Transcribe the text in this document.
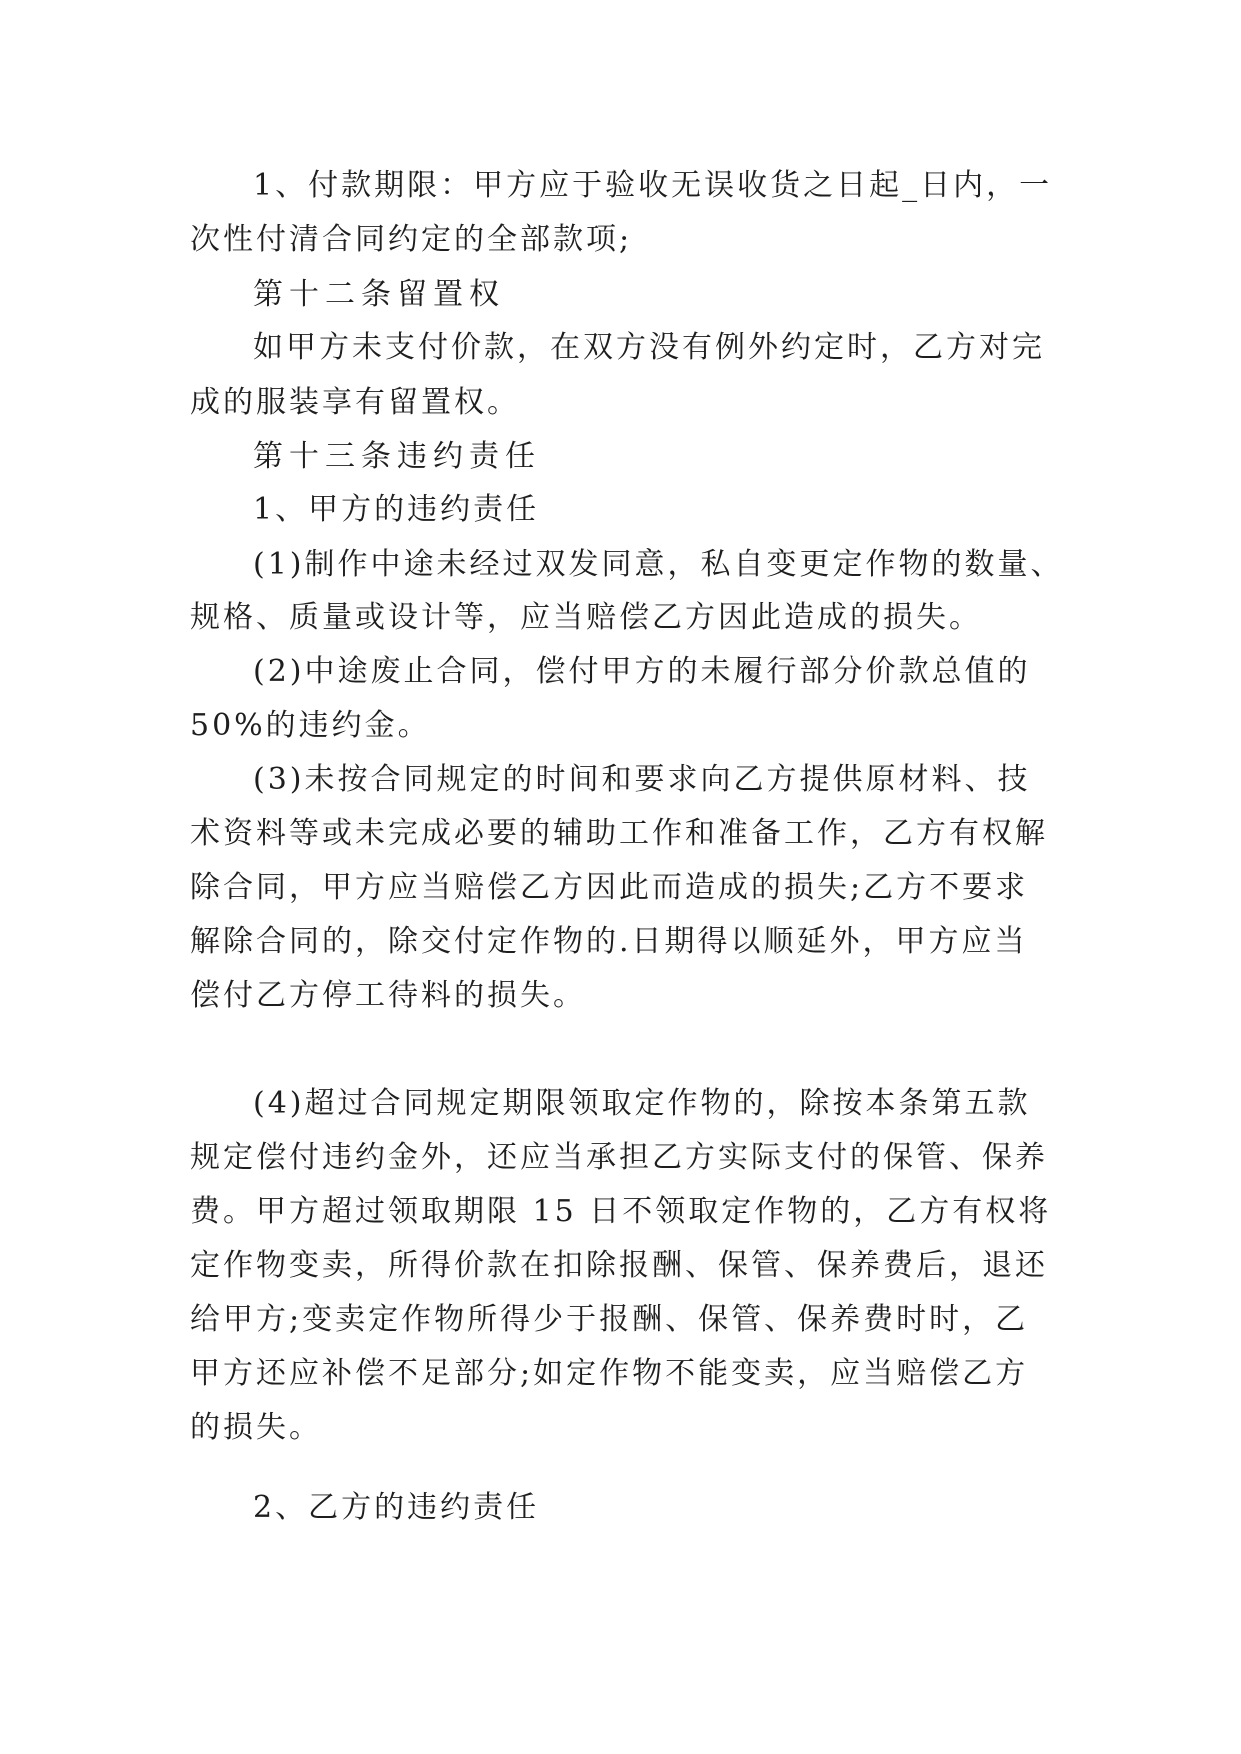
1、付款期限：甲方应于验收无误收货之日起_日内，一
次性付清合同约定的全部款项;
第十二条留置权
如甲方未支付价款，在双方没有例外约定时，乙方对完
成的服装享有留置权。
第十三条违约责任
1、甲方的违约责任
(1)制作中途未经过双发同意，私自变更定作物的数量、
规格、质量或设计等，应当赔偿乙方因此造成的损失。
(2)中途废止合同，偿付甲方的未履行部分价款总值的
50%的违约金。
(3)未按合同规定的时间和要求向乙方提供原材料、技
术资料等或未完成必要的辅助工作和准备工作，乙方有权解
除合同，甲方应当赔偿乙方因此而造成的损失;乙方不要求
解除合同的，除交付定作物的.日期得以顺延外，甲方应当
偿付乙方停工待料的损失。
(4)超过合同规定期限领取定作物的，除按本条第五款
规定偿付违约金外，还应当承担乙方实际支付的保管、保养
费。甲方超过领取期限 15 日不领取定作物的，乙方有权将
定作物变卖，所得价款在扣除报酬、保管、保养费后，退还
给甲方;变卖定作物所得少于报酬、保管、保养费时时，乙
甲方还应补偿不足部分;如定作物不能变卖，应当赔偿乙方
的损失。
2、乙方的违约责任
